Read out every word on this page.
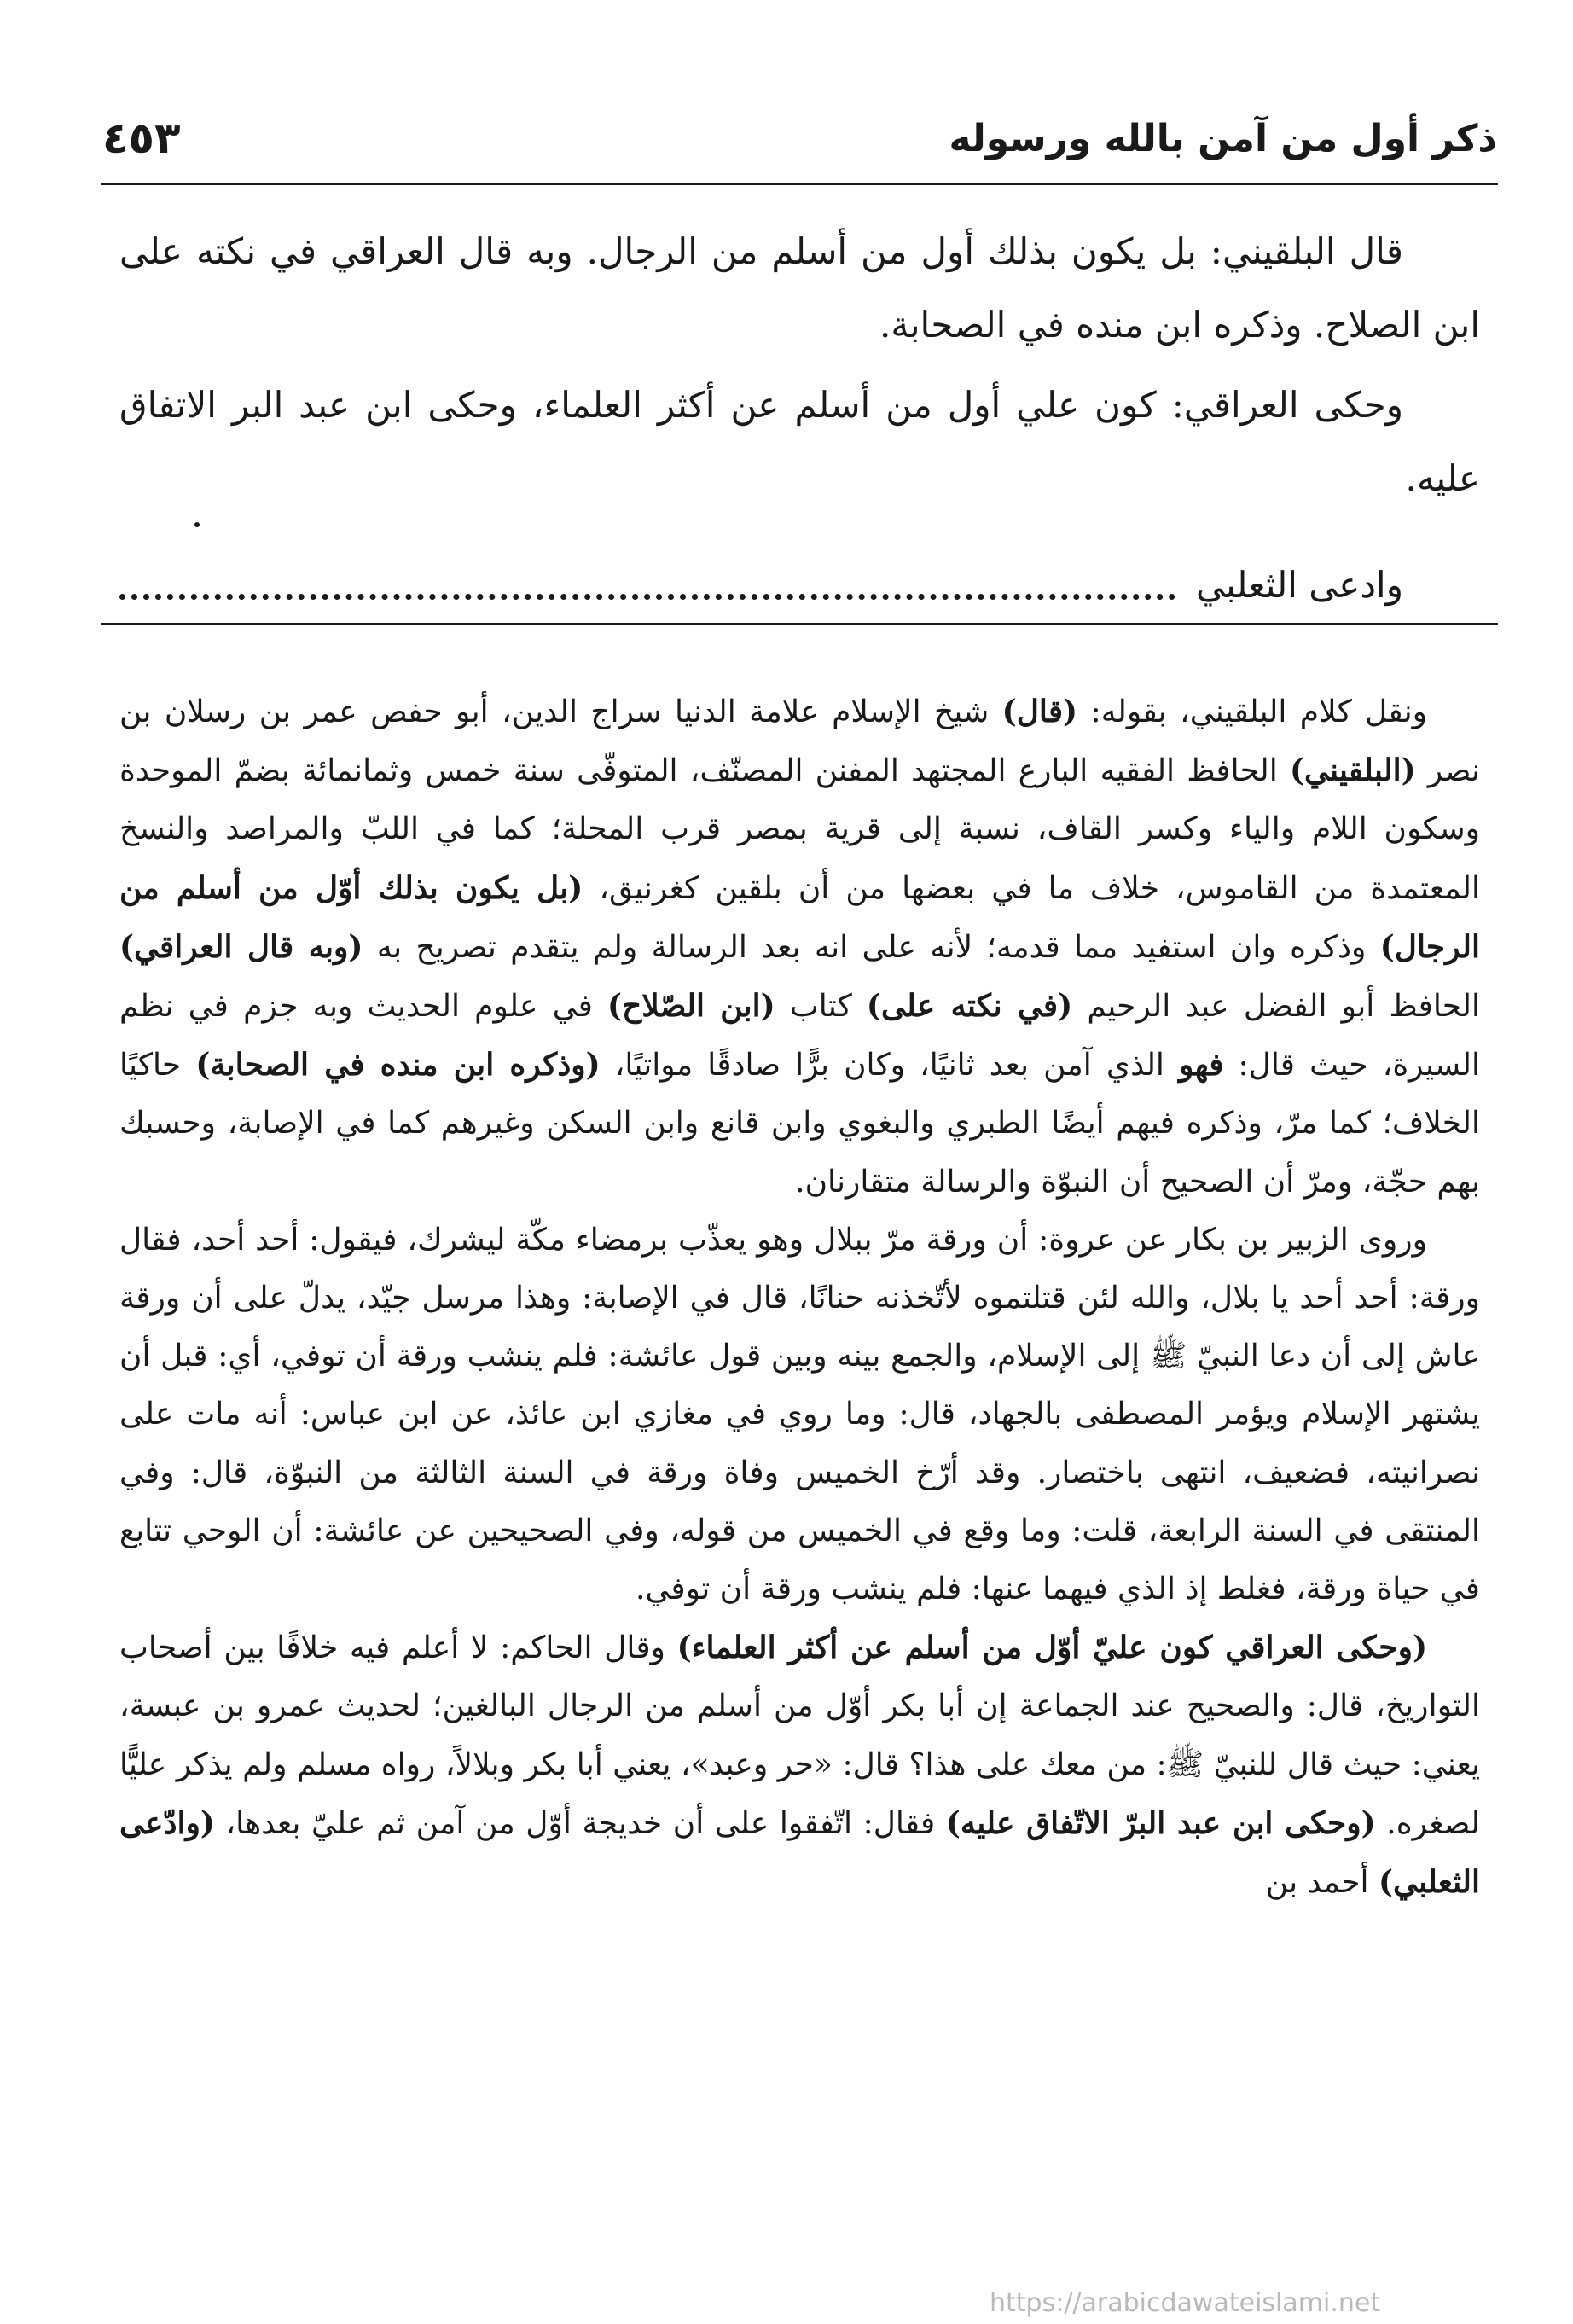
ذكر أول من آمن بالله ورسوله
٤٥٣

قال البلقيني: بل يكون بذلك أول من أسلم من الرجال. وبه قال العراقي في نكته على ابن الصلاح. وذكره ابن منده في الصحابة.

وحكى العراقي: كون علي أول من أسلم عن أكثر العلماء، وحكى ابن عبد البر الاتفاق عليه.

وادعى الثعلبي

ونقل كلام البلقيني، بقوله: (قال) شيخ الإسلام علامة الدنيا سراج الدين، أبو حفص عمر بن رسلان بن نصر (البلقيني) الحافظ الفقيه البارع المجتهد المفنن المصنّف، المتوفّى سنة خمس وثمانمائة بضمّ الموحدة وسكون اللام والياء وكسر القاف، نسبة إلى قرية بمصر قرب المحلة؛ كما في اللبّ والمراصد والنسخ المعتمدة من القاموس، خلاف ما في بعضها من أن بلقين كغرنيق، (بل يكون بذلك أوّل من أسلم من الرجال) وذكره وان استفيد مما قدمه؛ لأنه على انه بعد الرسالة ولم يتقدم تصريح به (وبه قال العراقي) الحافظ أبو الفضل عبد الرحيم (في نكته على) كتاب (ابن الصّلاح) في علوم الحديث وبه جزم في نظم السيرة، حيث قال: فهو الذي آمن بعد ثانيًا، وكان برًّا صادقًا مواتيًا، (وذكره ابن منده في الصحابة) حاكيًا الخلاف؛ كما مرّ، وذكره فيهم أيضًا الطبري والبغوي وابن قانع وابن السكن وغيرهم كما في الإصابة، وحسبك بهم حجّة، ومرّ أن الصحيح أن النبوّة والرسالة متقارنان.

وروى الزبير بن بكار عن عروة: أن ورقة مرّ ببلال وهو يعذّب برمضاء مكّة ليشرك، فيقول: أحد أحد، فقال ورقة: أحد أحد يا بلال، والله لئن قتلتموه لأتّخذنه حنانًا، قال في الإصابة: وهذا مرسل جيّد، يدلّ على أن ورقة عاش إلى أن دعا النبيّ ﷺ إلى الإسلام، والجمع بينه وبين قول عائشة: فلم ينشب ورقة أن توفي، أي: قبل أن يشتهر الإسلام ويؤمر المصطفى بالجهاد، قال: وما روي في مغازي ابن عائذ، عن ابن عباس: أنه مات على نصرانيته، فضعيف، انتهى باختصار. وقد أرّخ الخميس وفاة ورقة في السنة الثالثة من النبوّة، قال: وفي المنتقى في السنة الرابعة، قلت: وما وقع في الخميس من قوله، وفي الصحيحين عن عائشة: أن الوحي تتابع في حياة ورقة، فغلط إذ الذي فيهما عنها: فلم ينشب ورقة أن توفي.

(وحكى العراقي كون عليّ أوّل من أسلم عن أكثر العلماء) وقال الحاكم: لا أعلم فيه خلافًا بين أصحاب التواريخ، قال: والصحيح عند الجماعة إن أبا بكر أوّل من أسلم من الرجال البالغين؛ لحديث عمرو بن عبسة، يعني: حيث قال للنبيّ ﷺ: من معك على هذا؟ قال: «حر وعبد»، يعني أبا بكر وبلالاً، رواه مسلم ولم يذكر عليًّا لصغره. (وحكى ابن عبد البرّ الاتّفاق عليه) فقال: اتّفقوا على أن خديجة أوّل من آمن ثم عليّ بعدها، (وادّعى الثعلبي) أحمد بن

https://arabicdawateislami.net
